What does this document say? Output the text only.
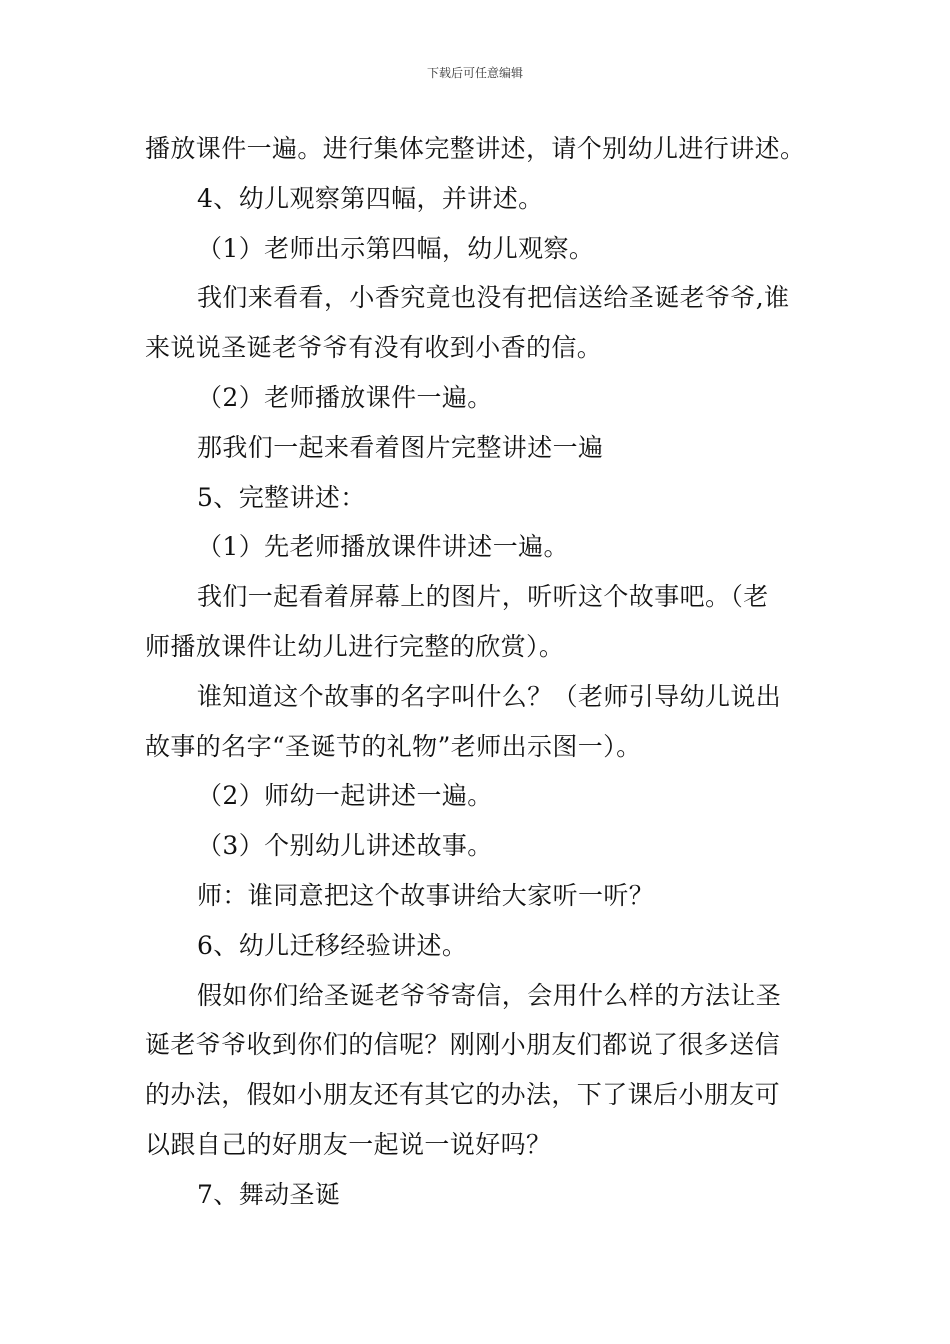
下载后可任意编辑
播放课件一遍。进行集体完整讲述，请个别幼儿进行讲述。
4、幼儿观察第四幅，并讲述。
（1）老师出示第四幅，幼儿观察。
我们来看看，小香究竟也没有把信送给圣诞老爷爷,谁
来说说圣诞老爷爷有没有收到小香的信。
（2）老师播放课件一遍。
那我们一起来看着图片完整讲述一遍
5、完整讲述：
（1）先老师播放课件讲述一遍。
我们一起看着屏幕上的图片，听听这个故事吧。（老
师播放课件让幼儿进行完整的欣赏）。
谁知道这个故事的名字叫什么？（老师引导幼儿说出
故事的名字“圣诞节的礼物”老师出示图一）。
（2）师幼一起讲述一遍。
（3）个别幼儿讲述故事。
师：谁同意把这个故事讲给大家听一听？
6、幼儿迁移经验讲述。
假如你们给圣诞老爷爷寄信，会用什么样的方法让圣
诞老爷爷收到你们的信呢？刚刚小朋友们都说了很多送信
的办法，假如小朋友还有其它的办法，下了课后小朋友可
以跟自己的好朋友一起说一说好吗？
7、舞动圣诞
